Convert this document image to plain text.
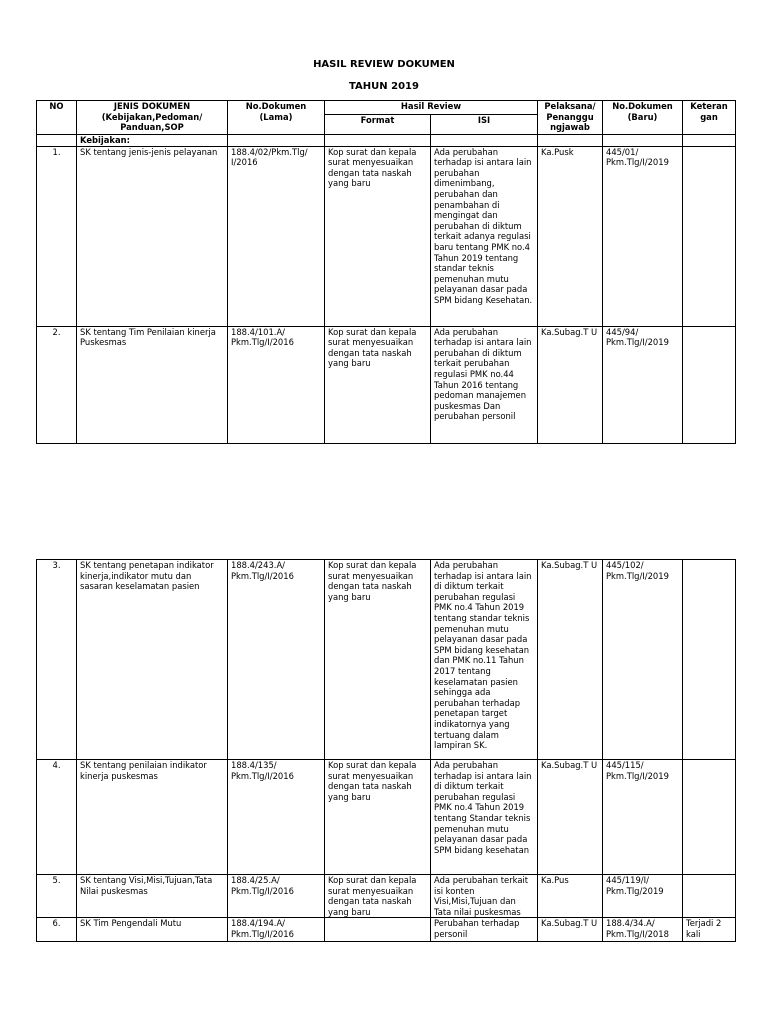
HASIL REVIEW DOKUMEN
TAHUN 2019
NO	JENIS DOKUMEN (Kebijakan,Pedoman/ Panduan,SOP	No.Dokumen (Lama)	Hasil Review		Pelaksana/ Penanggu ngjawab	No.Dokumen (Baru)	Keteran gan
			Format	ISI			
	Kebijakan:						
1.	SK tentang jenis-jenis pelayanan	188.4/02/Pkm.Tlg/ I/2016	Kop surat dan kepala surat menyesuaikan dengan tata naskah yang baru	Ada perubahan terhadap isi antara lain perubahan dimenimbang, perubahan dan penambahan di mengingat dan perubahan di diktum terkait adanya regulasi baru tentang PMK no.4 Tahun 2019 tentang standar teknis pemenuhan mutu pelayanan dasar pada SPM bidang Kesehatan.	Ka.Pusk	445/01/ Pkm.Tlg/I/2019	
2.	SK tentang Tim Penilaian kinerja Puskesmas	188.4/101.A/ Pkm.Tlg/I/2016	Kop surat dan kepala surat menyesuaikan dengan tata naskah yang baru	Ada perubahan terhadap isi antara lain perubahan di diktum terkait perubahan regulasi PMK no.44 Tahun 2016 tentang pedoman manajemen puskesmas Dan perubahan personil	Ka.Subag.T U	445/94/ Pkm.Tlg/I/2019	
3.	SK tentang penetapan indikator kinerja,indikator mutu dan sasaran keselamatan pasien	188.4/243.A/ Pkm.Tlg/I/2016	Kop surat dan kepala surat menyesuaikan dengan tata naskah yang baru	Ada perubahan terhadap isi antara lain di diktum terkait perubahan regulasi PMK no.4 Tahun 2019 tentang standar teknis pemenuhan mutu pelayanan dasar pada SPM bidang kesehatan dan PMK no.11 Tahun 2017 tentang keselamatan pasien sehingga ada perubahan terhadap penetapan target indikatornya yang tertuang dalam lampiran SK.	Ka.Subag.T U	445/102/ Pkm.Tlg/I/2019	
4.	SK tentang penilaian indikator kinerja puskesmas	188.4/135/ Pkm.Tlg/I/2016	Kop surat dan kepala surat menyesuaikan dengan tata naskah yang baru	Ada perubahan terhadap isi antara lain di diktum terkait perubahan regulasi PMK no.4 Tahun 2019 tentang Standar teknis pemenuhan mutu pelayanan dasar pada SPM bidang kesehatan	Ka.Subag.T U	445/115/ Pkm.Tlg/I/2019	
5.	SK tentang Visi,Misi,Tujuan,Tata Nilai puskesmas	188.4/25.A/ Pkm.Tlg/I/2016	Kop surat dan kepala surat menyesuaikan dengan tata naskah yang baru	Ada perubahan terkait isi konten Visi,Misi,Tujuan dan Tata nilai puskesmas	Ka.Pus	445/119/I/ Pkm.Tlg/2019	
6.	SK Tim Pengendali Mutu	188.4/194.A/ Pkm.Tlg/I/2016		Perubahan terhadap personil	Ka.Subag.T U	188.4/34.A/ Pkm.Tlg/I/2018	Terjadi 2 kali
